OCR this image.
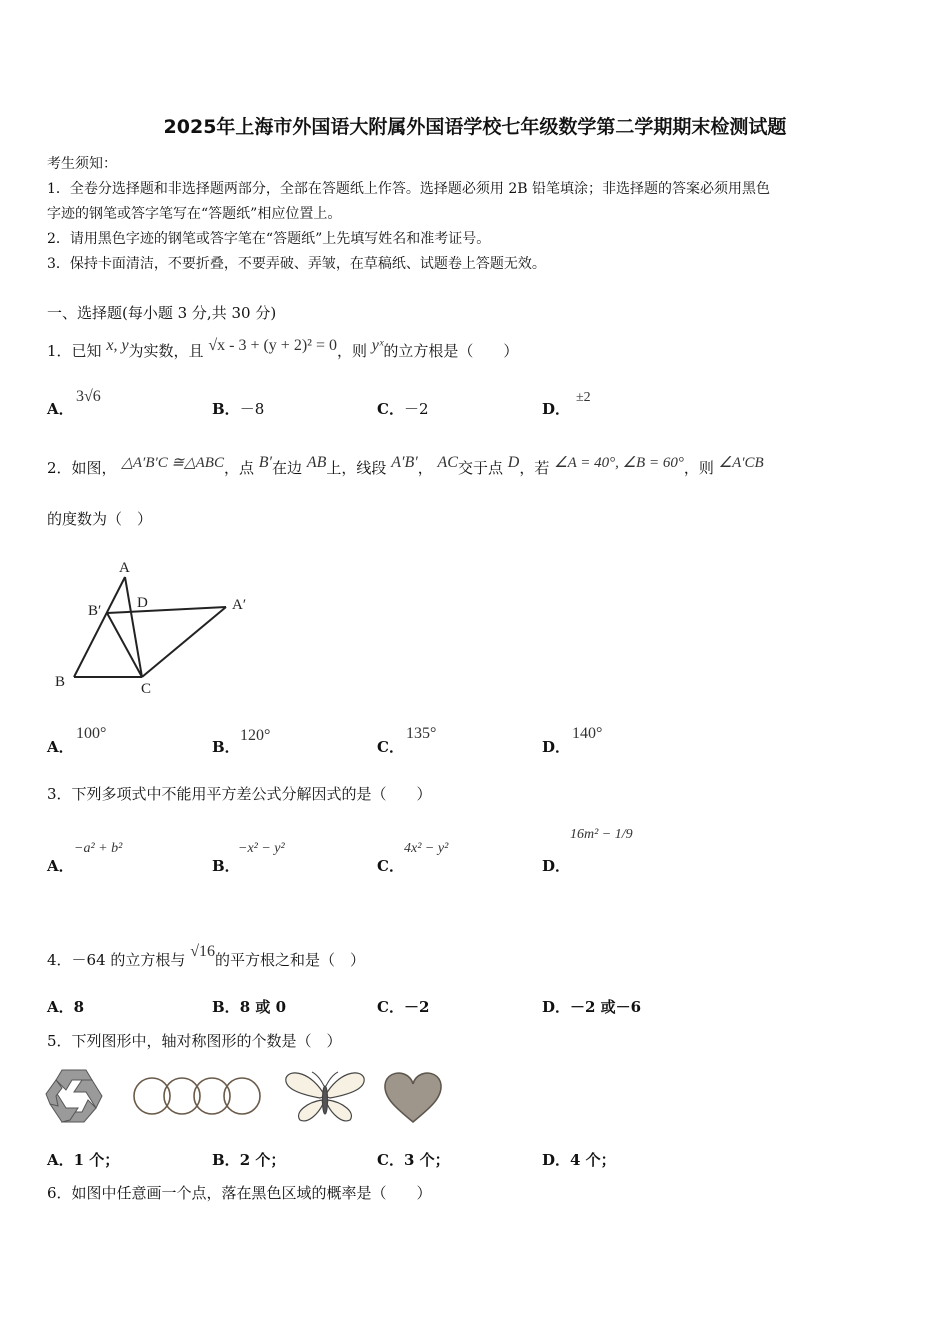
2025年上海市外国语大附属外国语学校七年级数学第二学期期末检测试题
考生须知：
1．全卷分选择题和非选择题两部分，全部在答题纸上作答。选择题必须用 2B 铅笔填涂；非选择题的答案必须用黑色
字迹的钢笔或答字笔写在“答题纸”相应位置上。
2．请用黑色字迹的钢笔或答字笔在“答题纸”上先填写姓名和准考证号。
3．保持卡面清洁，不要折叠，不要弄破、弄皱，在草稿纸、试题卷上答题无效。
一、选择题(每小题 3 分,共 30 分)
1．已知 x, y为实数，且 √x - 3 + (y + 2)² = 0，则 yˣ的立方根是（　　）
A．
3√6
B．－8	C．－2	D．
±2
2．如图， △A′B′C ≅△ABC，点 B′在边 AB上，线段 A′B′， AC交于点 D，若 ∠A = 40°, ∠B = 60°，则 ∠A′CB
的度数为（　）
A
B′ D	A′
B	C
A．
100°
B．
120°
C．
135°
D．
140°
3．下列多项式中不能用平方差公式分解因式的是（　　）
A．
−a² + b²
B．
−x² − y²
C．
4x² − y²
D．
16m² − 1/9
4．－64 的立方根与 √16的平方根之和是（　）
A．8	B．8 或 0	C．－2	D．－2 或－6
5．下列图形中，轴对称图形的个数是（　）
A．1 个；	B．2 个；	C．3 个；	D．4 个；
6．如图中任意画一个点，落在黑色区域的概率是（　　）
